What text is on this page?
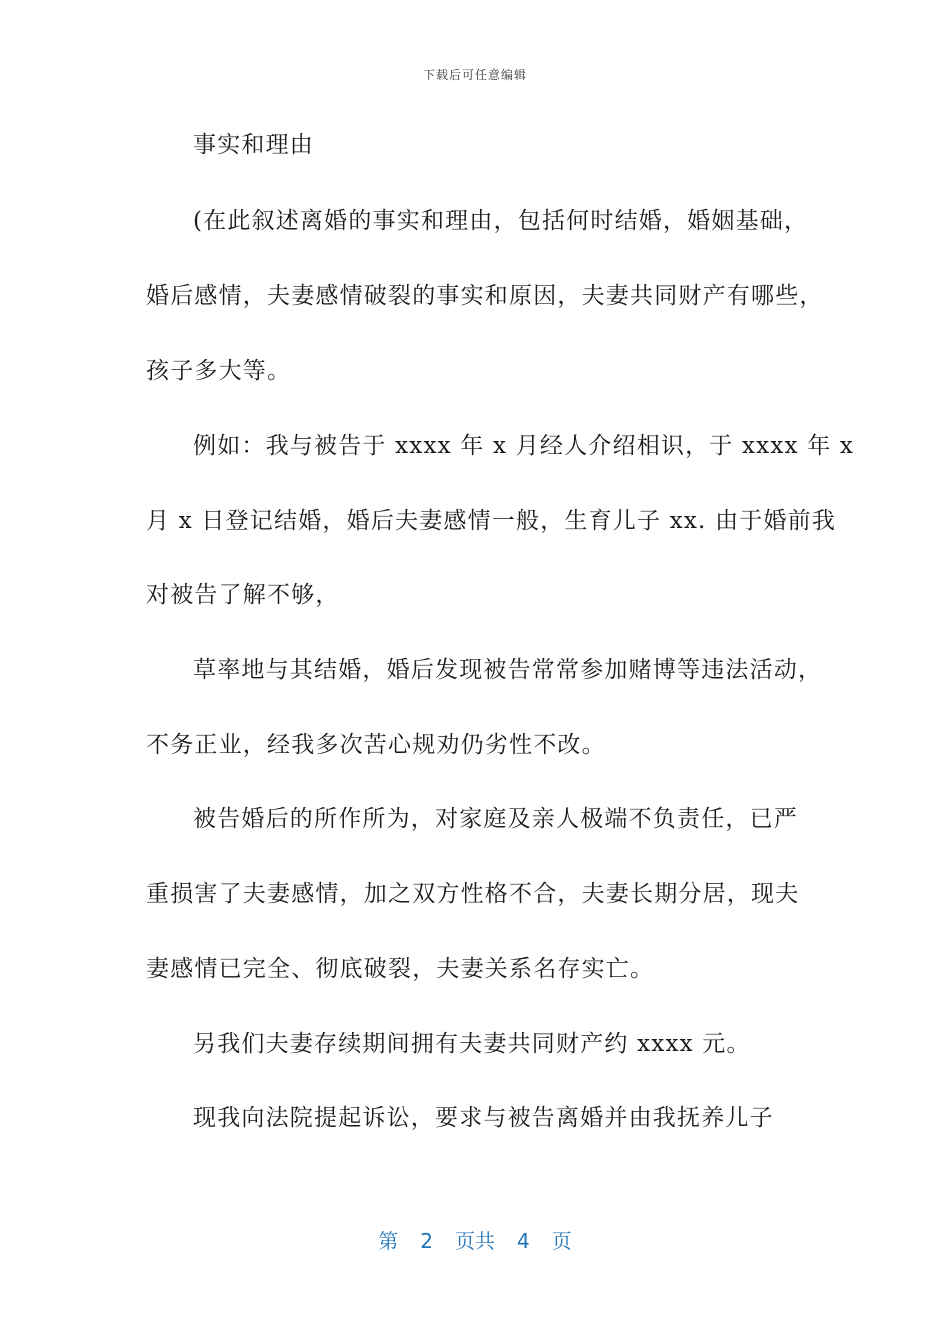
下载后可任意编辑
事实和理由
(在此叙述离婚的事实和理由，包括何时结婚，婚姻基础，
婚后感情，夫妻感情破裂的事实和原因，夫妻共同财产有哪些，
孩子多大等。
例如：我与被告于 xxxx 年 x 月经人介绍相识，于 xxxx 年 x
月 x 日登记结婚，婚后夫妻感情一般，生育儿子 xx. 由于婚前我
对被告了解不够，
草率地与其结婚，婚后发现被告常常参加赌博等违法活动，
不务正业，经我多次苦心规劝仍劣性不改。
被告婚后的所作所为，对家庭及亲人极端不负责任，已严
重损害了夫妻感情，加之双方性格不合，夫妻长期分居，现夫
妻感情已完全、彻底破裂，夫妻关系名存实亡。
另我们夫妻存续期间拥有夫妻共同财产约 xxxx 元。
现我向法院提起诉讼，要求与被告离婚并由我抚养儿子
第 2 页共 4 页
